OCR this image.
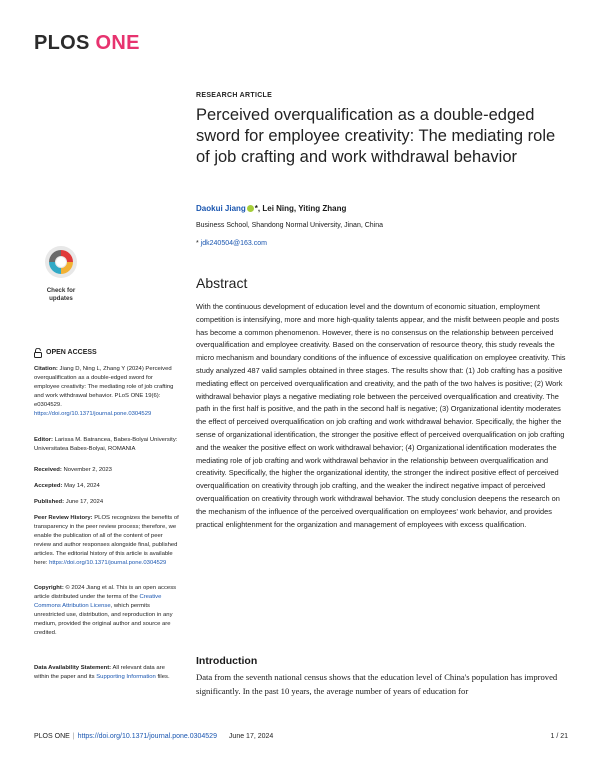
PLOS ONE
RESEARCH ARTICLE
Perceived overqualification as a double-edged sword for employee creativity: The mediating role of job crafting and work withdrawal behavior
Daokui Jiang *, Lei Ning, Yiting Zhang
Business School, Shandong Normal University, Jinan, China
* jdk240504@163.com
Abstract
With the continuous development of education level and the downturn of economic situation, employment competition is intensifying, more and more high-quality talents appear, and the misfit between people and posts has become a common phenomenon. However, there is no consensus on the relationship between perceived overqualification and employee creativity. Based on the conservation of resource theory, this study reveals the micro mechanism and boundary conditions of the influence of excessive qualification on employee creativity. This study analyzed 487 valid samples obtained in three stages. The results show that: (1) Job crafting has a positive mediating effect on perceived overqualification and creativity, and the path of the two halves is positive; (2) Work withdrawal behavior plays a negative mediating role between the perceived overqualification and creativity. The path in the first half is positive, and the path in the second half is negative; (3) Organizational identity moderates the effect of perceived overqualification on job crafting and work withdrawal behavior. Specifically, the higher the sense of organizational identification, the stronger the positive effect of perceived overqualification on job crafting and the weaker the positive effect on work withdrawal behavior; (4) Organizational identification moderates the mediating role of job crafting and work withdrawal behavior in the relationship between overqualification and creativity. Specifically, the higher the organizational identity, the stronger the indirect positive effect of perceived overqualification on creativity through job crafting, and the weaker the indirect negative impact of perceived overqualification on creativity through work withdrawal behavior. The study conclusion deepens the research on the mechanism of the influence of the perceived overqualification on employees' work behavior, and provides practical enlightenment for the organization and management of employees with excess qualification.
Introduction
Data from the seventh national census shows that the education level of China's population has improved significantly. In the past 10 years, the average number of years of education for
Check for
updates
OPEN ACCESS
Citation: Jiang D, Ning L, Zhang Y (2024) Perceived overqualification as a double-edged sword for employee creativity: The mediating role of job crafting and work withdrawal behavior. PLoS ONE 19(6): e0304529. https://doi.org/10.1371/journal.pone.0304529
Editor: Larissa M. Batrancea, Babes-Bolyai University: Universitatea Babes-Bolyai, ROMANIA
Received: November 2, 2023
Accepted: May 14, 2024
Published: June 17, 2024
Peer Review History: PLOS recognizes the benefits of transparency in the peer review process; therefore, we enable the publication of all of the content of peer review and author responses alongside final, published articles. The editorial history of this article is available here: https://doi.org/10.1371/journal.pone.0304529
Copyright: © 2024 Jiang et al. This is an open access article distributed under the terms of the Creative Commons Attribution License, which permits unrestricted use, distribution, and reproduction in any medium, provided the original author and source are credited.
Data Availability Statement: All relevant data are within the paper and its Supporting Information files.
PLOS ONE | https://doi.org/10.1371/journal.pone.0304529 June 17, 2024	1 / 21
